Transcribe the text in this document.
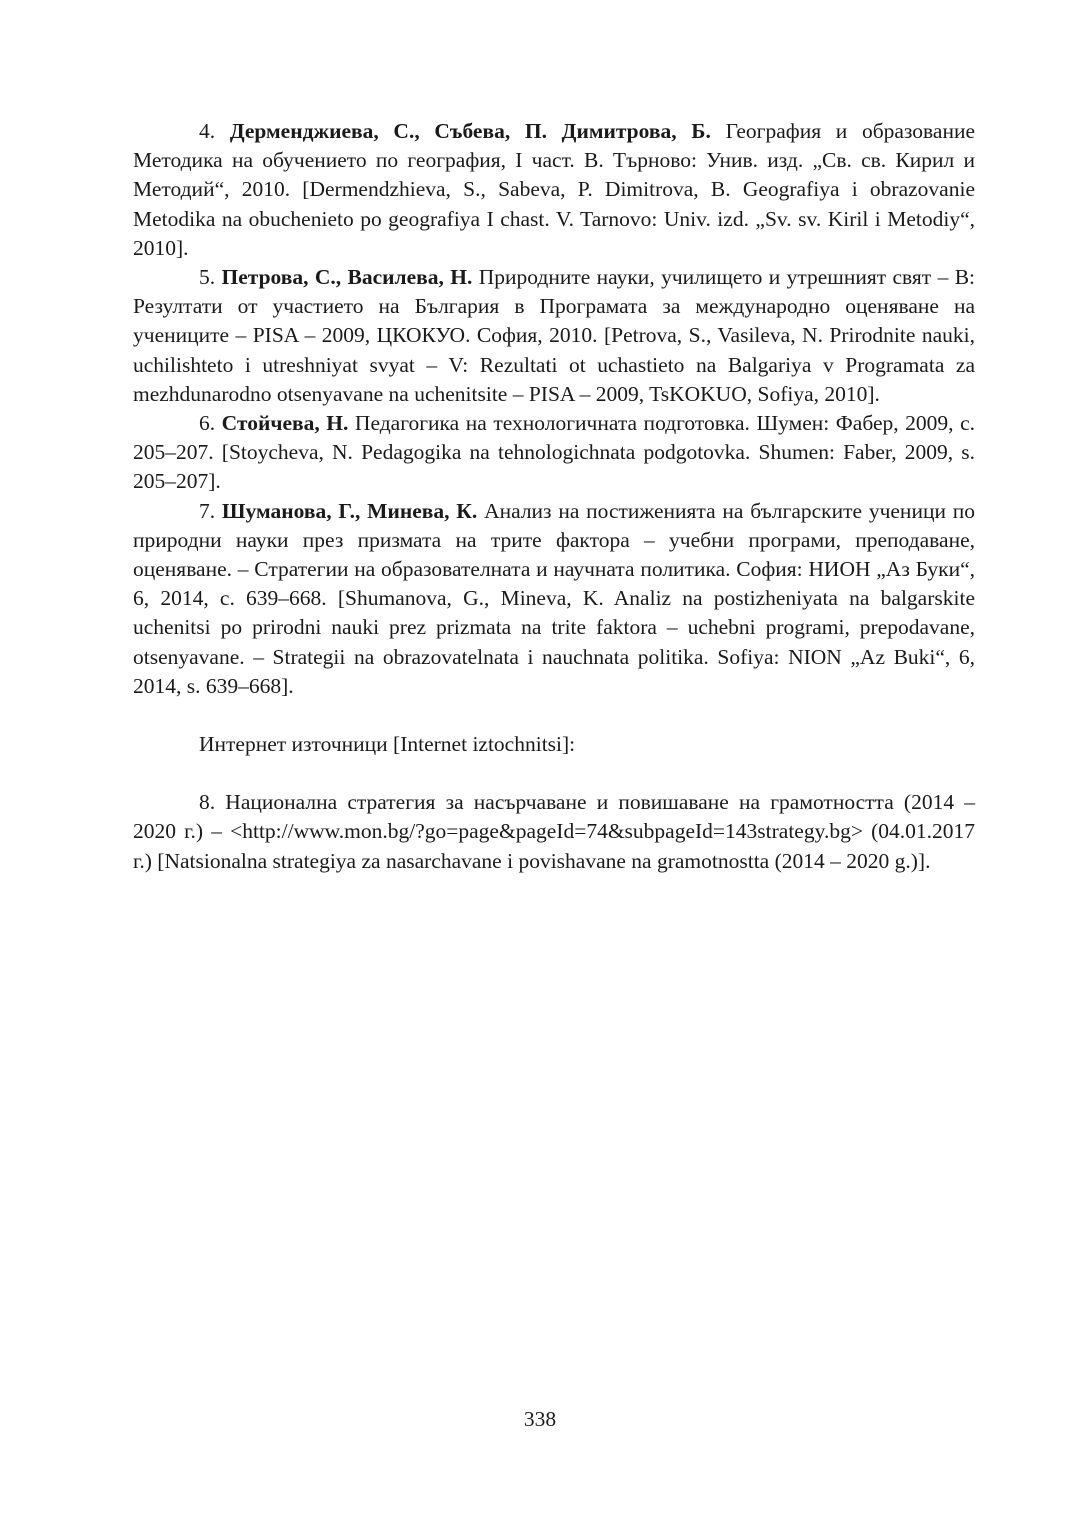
4. Дерменджиева, С., Събева, П. Димитрова, Б. География и образование Методика на обучението по география, І част. В. Търново: Унив. изд. „Св. св. Кирил и Методий“, 2010. [Dermendzhieva, S., Sabeva, P. Dimitrova, B. Geografiya i obrazovanie Metodika na obuchenieto po geografiya I chast. V. Tarnovo: Univ. izd. „Sv. sv. Kiril i Metodiy“, 2010].

5. Петрова, С., Василева, Н. Природните науки, училището и утрешният свят – В: Резултати от участието на България в Програмата за международно оценяване на учениците – PISA – 2009, ЦКОКУО. София, 2010. [Petrova, S., Vasileva, N. Prirodnite nauki, uchilishteto i utreshniyat svyat – V: Rezultati ot uchastieto na Balgariya v Programata za mezhdunarodno otsenyavane na uchenitsite – PISA – 2009, TsKOKUO, Sofiya, 2010].

6. Стойчева, Н. Педагогика на технологичната подготовка. Шумен: Фабер, 2009, с. 205–207. [Stoycheva, N. Pedagogika na tehnologichnata podgotovka. Shumen: Faber, 2009, s. 205–207].

7. Шуманова, Г., Минева, К. Анализ на постиженията на българските ученици по природни науки през призмата на трите фактора – учебни програми, преподаване, оценяване. – Стратегии на образователната и научната политика. София: НИОН „Аз Буки“, 6, 2014, с. 639–668. [Shumanova, G., Mineva, K. Analiz na postizheniyata na balgarskite uchenitsi po prirodni nauki prez prizmata na trite faktora – uchebni programi, prepodavane, otsenyavane. – Strategii na obrazovatelnata i nauchnata politika. Sofiya: NION „Az Buki“, 6, 2014, s. 639–668].

Интернет източници [Internet iztochnitsi]:

8. Национална стратегия за насърчаване и повишаване на грамотността (2014 – 2020 г.) – <http://www.mon.bg/?go=page&pageId=74&subpageId=143strategy.bg> (04.01.2017 г.) [Natsionalna strategiya za nasarchavane i povishavane na gramotnostta (2014 – 2020 g.)].

338
